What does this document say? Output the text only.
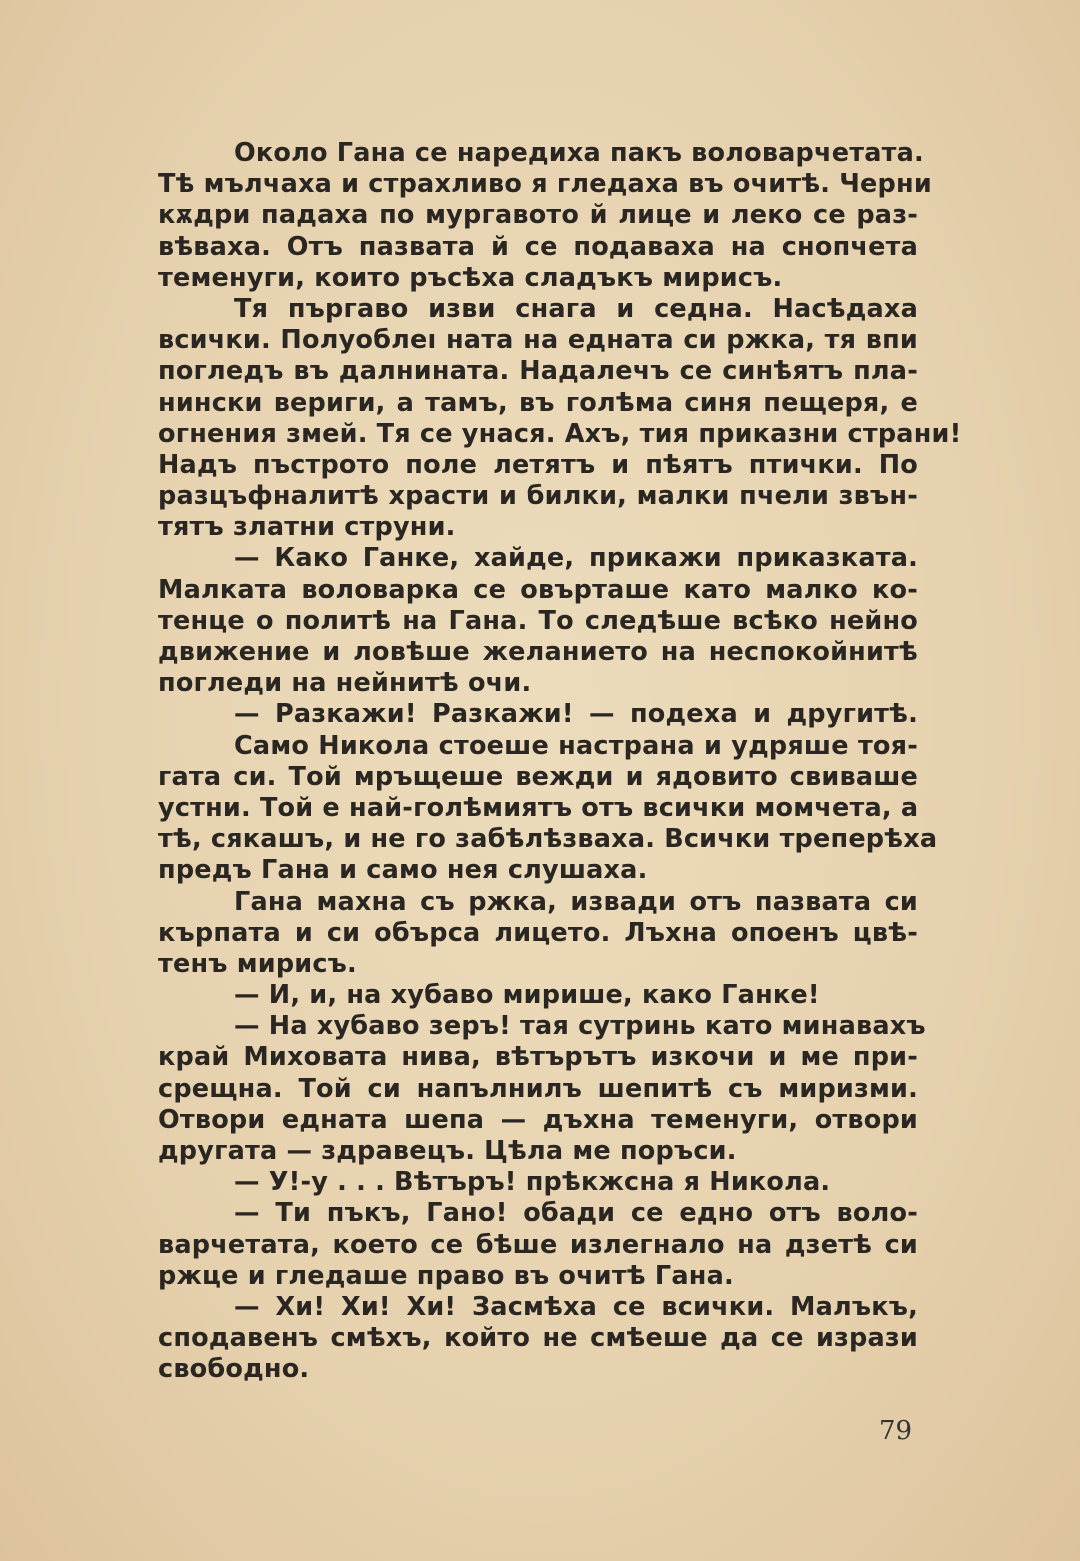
Около Гана се наредиха пакъ воловарчетата.
Тѣ мълчаха и страхливо я гледаха въ очитѣ. Черни
кѫдри падаха по мургавото й лице и леко се раз-
вѣваха. Отъ пазвата й се подаваха на снопчета
теменуги, които ръсѣха сладъкъ мирисъ.
Тя пъргаво изви снага и седна. Насѣдаха
всички. Полуоблеı ната на едната си ржка, тя впи
погледъ въ далнината. Надалечъ се синѣятъ пла-
нински вериги, а тамъ, въ голѣма синя пещеря, е
огнения змей. Тя се унася. Ахъ, тия приказни страни!
Надъ пъстрото поле летятъ и пѣятъ птички. По
разцъфналитѣ храсти и билки, малки пчели звън-
тятъ златни струни.
— Како Ганке, хайде, прикажи приказката.
Малката воловарка се овърташе като малко ко-
тенце о политѣ на Гана. То следѣше всѣко нейно
движение и ловѣше желанието на неспокойнитѣ
погледи на нейнитѣ очи.
— Разкажи! Разкажи! — подеха и другитѣ.
Само Никола стоеше настрана и удряше тоя-
гата си. Той мръщеше вежди и ядовито свиваше
устни. Той е най-голѣмиятъ отъ всички момчета, а
тѣ, сякашъ, и не го забѣлѣзваха. Всички треперѣха
предъ Гана и само нея слушаха.
Гана махна съ ржка, извади отъ пазвата си
кърпата и си обърса лицето. Лъхна опоенъ цвѣ-
тенъ мирисъ.
— И, и, на хубаво мирише, како Ганке!
— На хубаво зеръ! тая сутринь като минавахъ
край Миховата нива, вѣтърътъ изкочи и ме при-
срещна. Той си напълнилъ шепитѣ съ миризми.
Отвори едната шепа — дъхна теменуги, отвори
другата — здравецъ. Цѣла ме поръси.
— У!-у . . . Вѣтъръ! прѣкжсна я Никола.
— Ти пъкъ, Гано! обади се едно отъ воло-
варчетата, което се бѣше излегнало на дзетѣ си
ржце и гледаше право въ очитѣ Гана.
— Хи! Хи! Хи! Засмѣха се всички. Малъкъ,
сподавенъ смѣхъ, който не смѣеше да се изрази
свободно.
79
